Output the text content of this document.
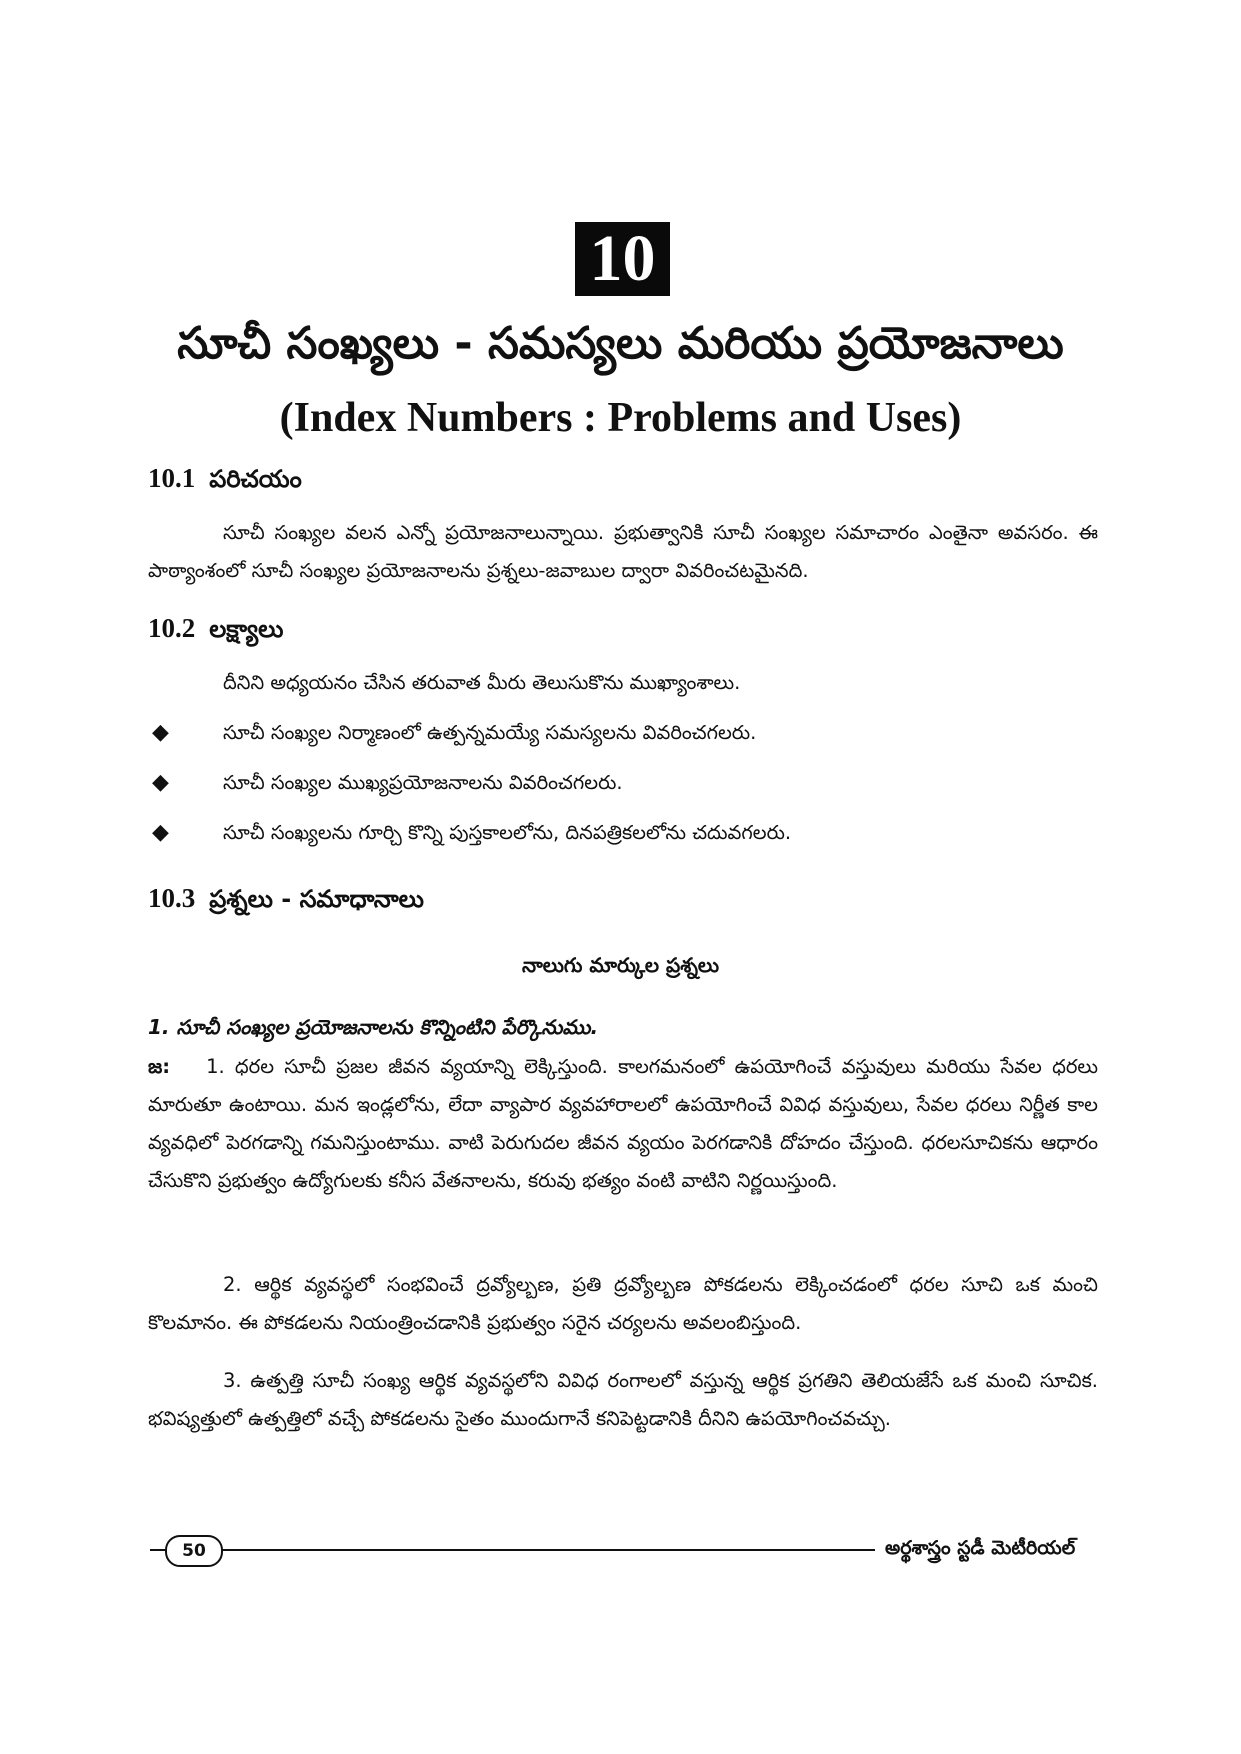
10
సూచీ సంఖ్యలు - సమస్యలు మరియు ప్రయోజనాలు
(Index Numbers : Problems and Uses)
10.1 పరిచయం
సూచీ సంఖ్యల వలన ఎన్నో ప్రయోజనాలున్నాయి. ప్రభుత్వానికి సూచీ సంఖ్యల సమాచారం ఎంతైనా అవసరం. ఈ పాఠ్యాంశంలో సూచీ సంఖ్యల ప్రయోజనాలను ప్రశ్నలు-జవాబుల ద్వారా వివరించటమైనది.
10.2 లక్ష్యాలు
దీనిని అధ్యయనం చేసిన తరువాత మీరు తెలుసుకొను ముఖ్యాంశాలు.
◆	సూచీ సంఖ్యల నిర్మాణంలో ఉత్పన్నమయ్యే సమస్యలను వివరించగలరు.
◆	సూచీ సంఖ్యల ముఖ్యప్రయోజనాలను వివరించగలరు.
◆	సూచీ సంఖ్యలను గూర్చి కొన్ని పుస్తకాలలోను, దినపత్రికలలోను చదువగలరు.
10.3 ప్రశ్నలు - సమాధానాలు
నాలుగు మార్కుల ప్రశ్నలు
1. సూచీ సంఖ్యల ప్రయోజనాలను కొన్నింటిని పేర్కొనుము.
జ: 1. ధరల సూచీ ప్రజల జీవన వ్యయాన్ని లెక్కిస్తుంది. కాలగమనంలో ఉపయోగించే వస్తువులు మరియు సేవల ధరలు మారుతూ ఉంటాయి. మన ఇండ్లలోను, లేదా వ్యాపార వ్యవహారాలలో ఉపయోగించే వివిధ వస్తువులు, సేవల ధరలు నిర్ణీత కాల వ్యవధిలో పెరగడాన్ని గమనిస్తుంటాము. వాటి పెరుగుదల జీవన వ్యయం పెరగడానికి దోహదం చేస్తుంది. ధరలసూచికను ఆధారం చేసుకొని ప్రభుత్వం ఉద్యోగులకు కనీస వేతనాలను, కరువు భత్యం వంటి వాటిని నిర్ణయిస్తుంది.
2. ఆర్థిక వ్యవస్థలో సంభవించే ద్రవ్యోల్బణ, ప్రతి ద్రవ్యోల్బణ పోకడలను లెక్కించడంలో ధరల సూచి ఒక మంచి కొలమానం. ఈ పోకడలను నియంత్రించడానికి ప్రభుత్వం సరైన చర్యలను అవలంబిస్తుంది.
3. ఉత్పత్తి సూచీ సంఖ్య ఆర్థిక వ్యవస్థలోని వివిధ రంగాలలో వస్తున్న ఆర్థిక ప్రగతిని తెలియజేసే ఒక మంచి సూచిక. భవిష్యత్తులో ఉత్పత్తిలో వచ్చే పోకడలను సైతం ముందుగానే కనిపెట్టడానికి దీనిని ఉపయోగించవచ్చు.
50	అర్థశాస్త్రం స్టడీ మెటీరియల్
